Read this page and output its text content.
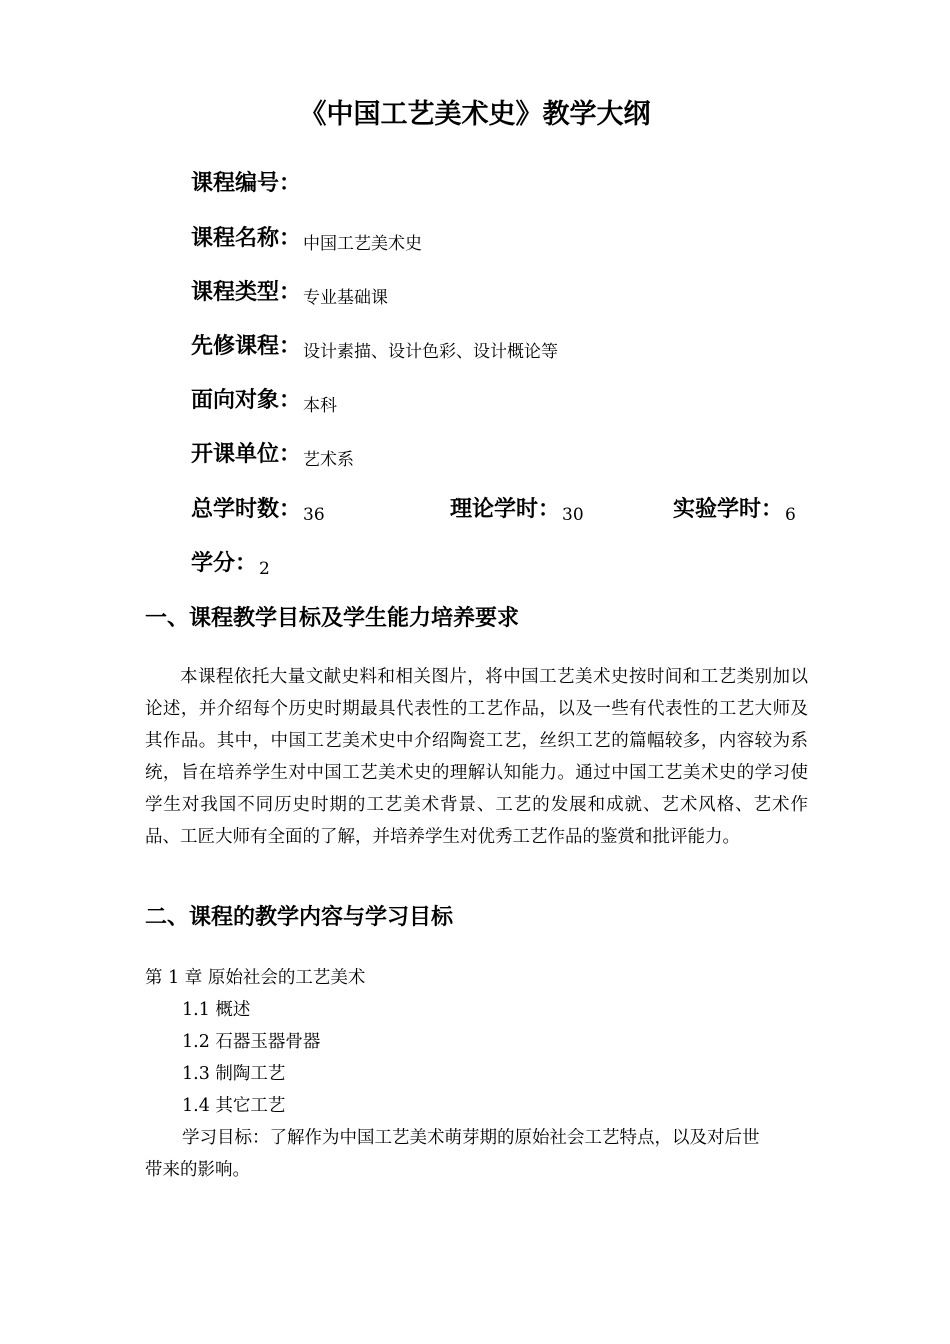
《中国工艺美术史》教学大纲
课程编号：
课程名称： 中国工艺美术史
课程类型： 专业基础课
先修课程： 设计素描、设计色彩、设计概论等
面向对象： 本科
开课单位： 艺术系
总学时数： 36	理论学时： 30	实验学时： 6
学分： 2
一、课程教学目标及学生能力培养要求

本课程依托大量文献史料和相关图片，将中国工艺美术史按时间和工艺类别加以论述，并介绍每个历史时期最具代表性的工艺作品，以及一些有代表性的工艺大师及其作品。其中，中国工艺美术史中介绍陶瓷工艺，丝织工艺的篇幅较多，内容较为系统，旨在培养学生对中国工艺美术史的理解认知能力。通过中国工艺美术史的学习使学生对我国不同历史时期的工艺美术背景、工艺的发展和成就、艺术风格、艺术作品、工匠大师有全面的了解，并培养学生对优秀工艺作品的鉴赏和批评能力。

二、课程的教学内容与学习目标

第 1 章 原始社会的工艺美术

1.1 概述

1.2 石器玉器骨器

1.3 制陶工艺

1.4 其它工艺

学习目标：了解作为中国工艺美术萌芽期的原始社会工艺特点，以及对后世

带来的影响。
